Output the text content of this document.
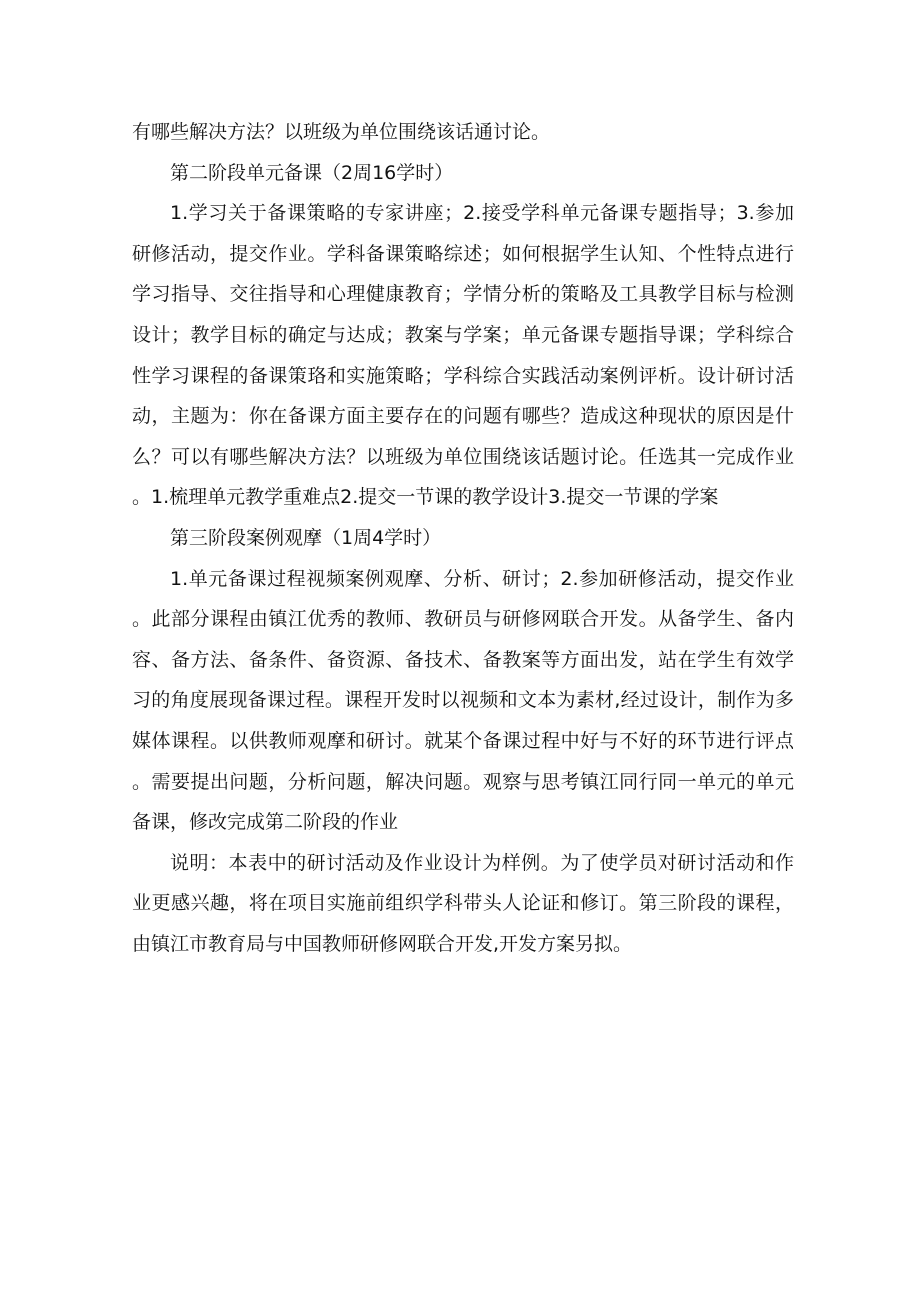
有哪些解决方法？以班级为单位围绕该话通讨论。

第二阶段单元备课（2周16学时）

1.学习关于备课策略的专家讲座；2.接受学科单元备课专题指导；3.参加研修活动，提交作业。学科备课策略综述；如何根据学生认知、个性特点进行学习指导、交往指导和心理健康教育；学情分析的策略及工具教学目标与检测设计；教学目标的确定与达成；教案与学案；单元备课专题指导课；学科综合性学习课程的备课策珞和实施策略；学科综合实践活动案例评析。设计研讨活动，主题为：你在备课方面主要存在的问题有哪些？造成这种现状的原因是什么？可以有哪些解决方法？以班级为单位围绕该话题讨论。任选其一完成作业。1.梳理单元教学重难点2.提交一节课的教学设计3.提交一节课的学案

第三阶段案例观摩（1周4学时）

1.单元备课过程视频案例观摩、分析、研讨；2.参加研修活动，提交作业。此部分课程由镇江优秀的教师、教研员与研修网联合开发。从备学生、备内容、备方法、备条件、备资源、备技术、备教案等方面出发，站在学生有效学习的角度展现备课过程。课程开发时以视频和文本为素材,经过设计，制作为多媒体课程。以供教师观摩和研讨。就某个备课过程中好与不好的环节进行评点。需要提出问题，分析问题，解决问题。观察与思考镇江同行同一单元的单元备课，修改完成第二阶段的作业

说明：本表中的研讨活动及作业设计为样例。为了使学员对研讨活动和作业更感兴趣，将在项目实施前组织学科带头人论证和修订。第三阶段的课程，由镇江市教育局与中国教师研修网联合开发,开发方案另拟。
